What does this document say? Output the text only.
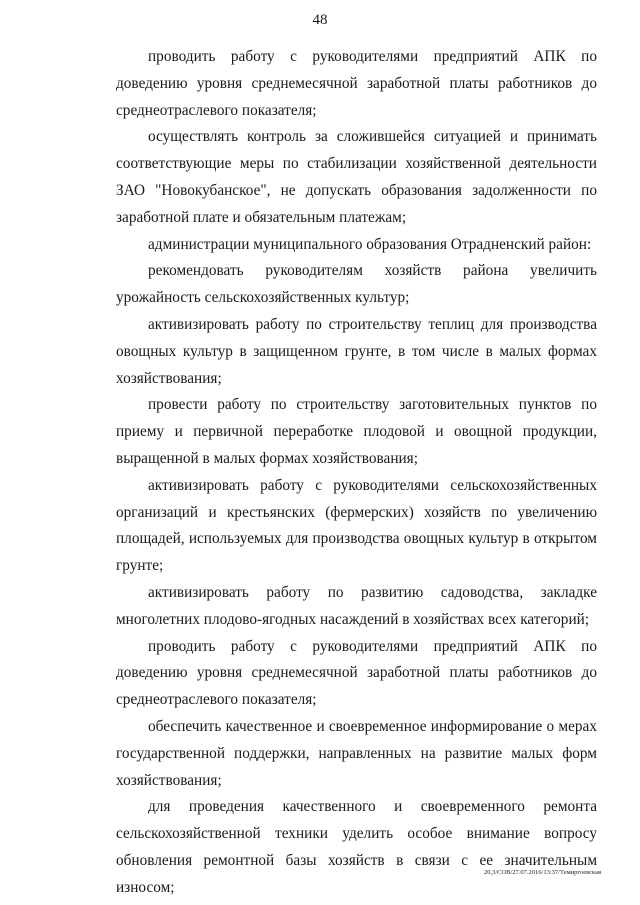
48

проводить работу с руководителями предприятий АПК по доведению уровня среднемесячной заработной платы работников до среднеотраслевого показателя;

осуществлять контроль за сложившейся ситуацией и принимать соответствующие меры по стабилизации хозяйственной деятельности ЗАО "Новокубанское", не допускать образования задолженности по заработной плате и обязательным платежам;

администрации муниципального образования Отрадненский район:

рекомендовать руководителям хозяйств района увеличить урожайность сельскохозяйственных культур;

активизировать работу по строительству теплиц для производства овощных культур в защищенном грунте, в том числе в малых формах хозяйствования;

провести работу по строительству заготовительных пунктов по приему и первичной переработке плодовой и овощной продукции, выращенной в малых формах хозяйствования;

активизировать работу с руководителями сельскохозяйственных организаций и крестьянских (фермерских) хозяйств по увеличению площадей, используемых для производства овощных культур в открытом грунте;

активизировать работу по развитию садоводства, закладке многолетних плодово-ягодных насаждений в хозяйствах всех категорий;

проводить работу с руководителями предприятий АПК по доведению уровня среднемесячной заработной платы работников до среднеотраслевого показателя;

обеспечить качественное и своевременное информирование о мерах государственной поддержки, направленных на развитие малых форм хозяйствования;

для проведения качественного и своевременного ремонта сельскохозяйственной техники уделить особое внимание вопросу обновления ремонтной базы хозяйств в связи с ее значительным износом;

20,3/СОВ/27.07.2016/13:37/Темиргоевская
